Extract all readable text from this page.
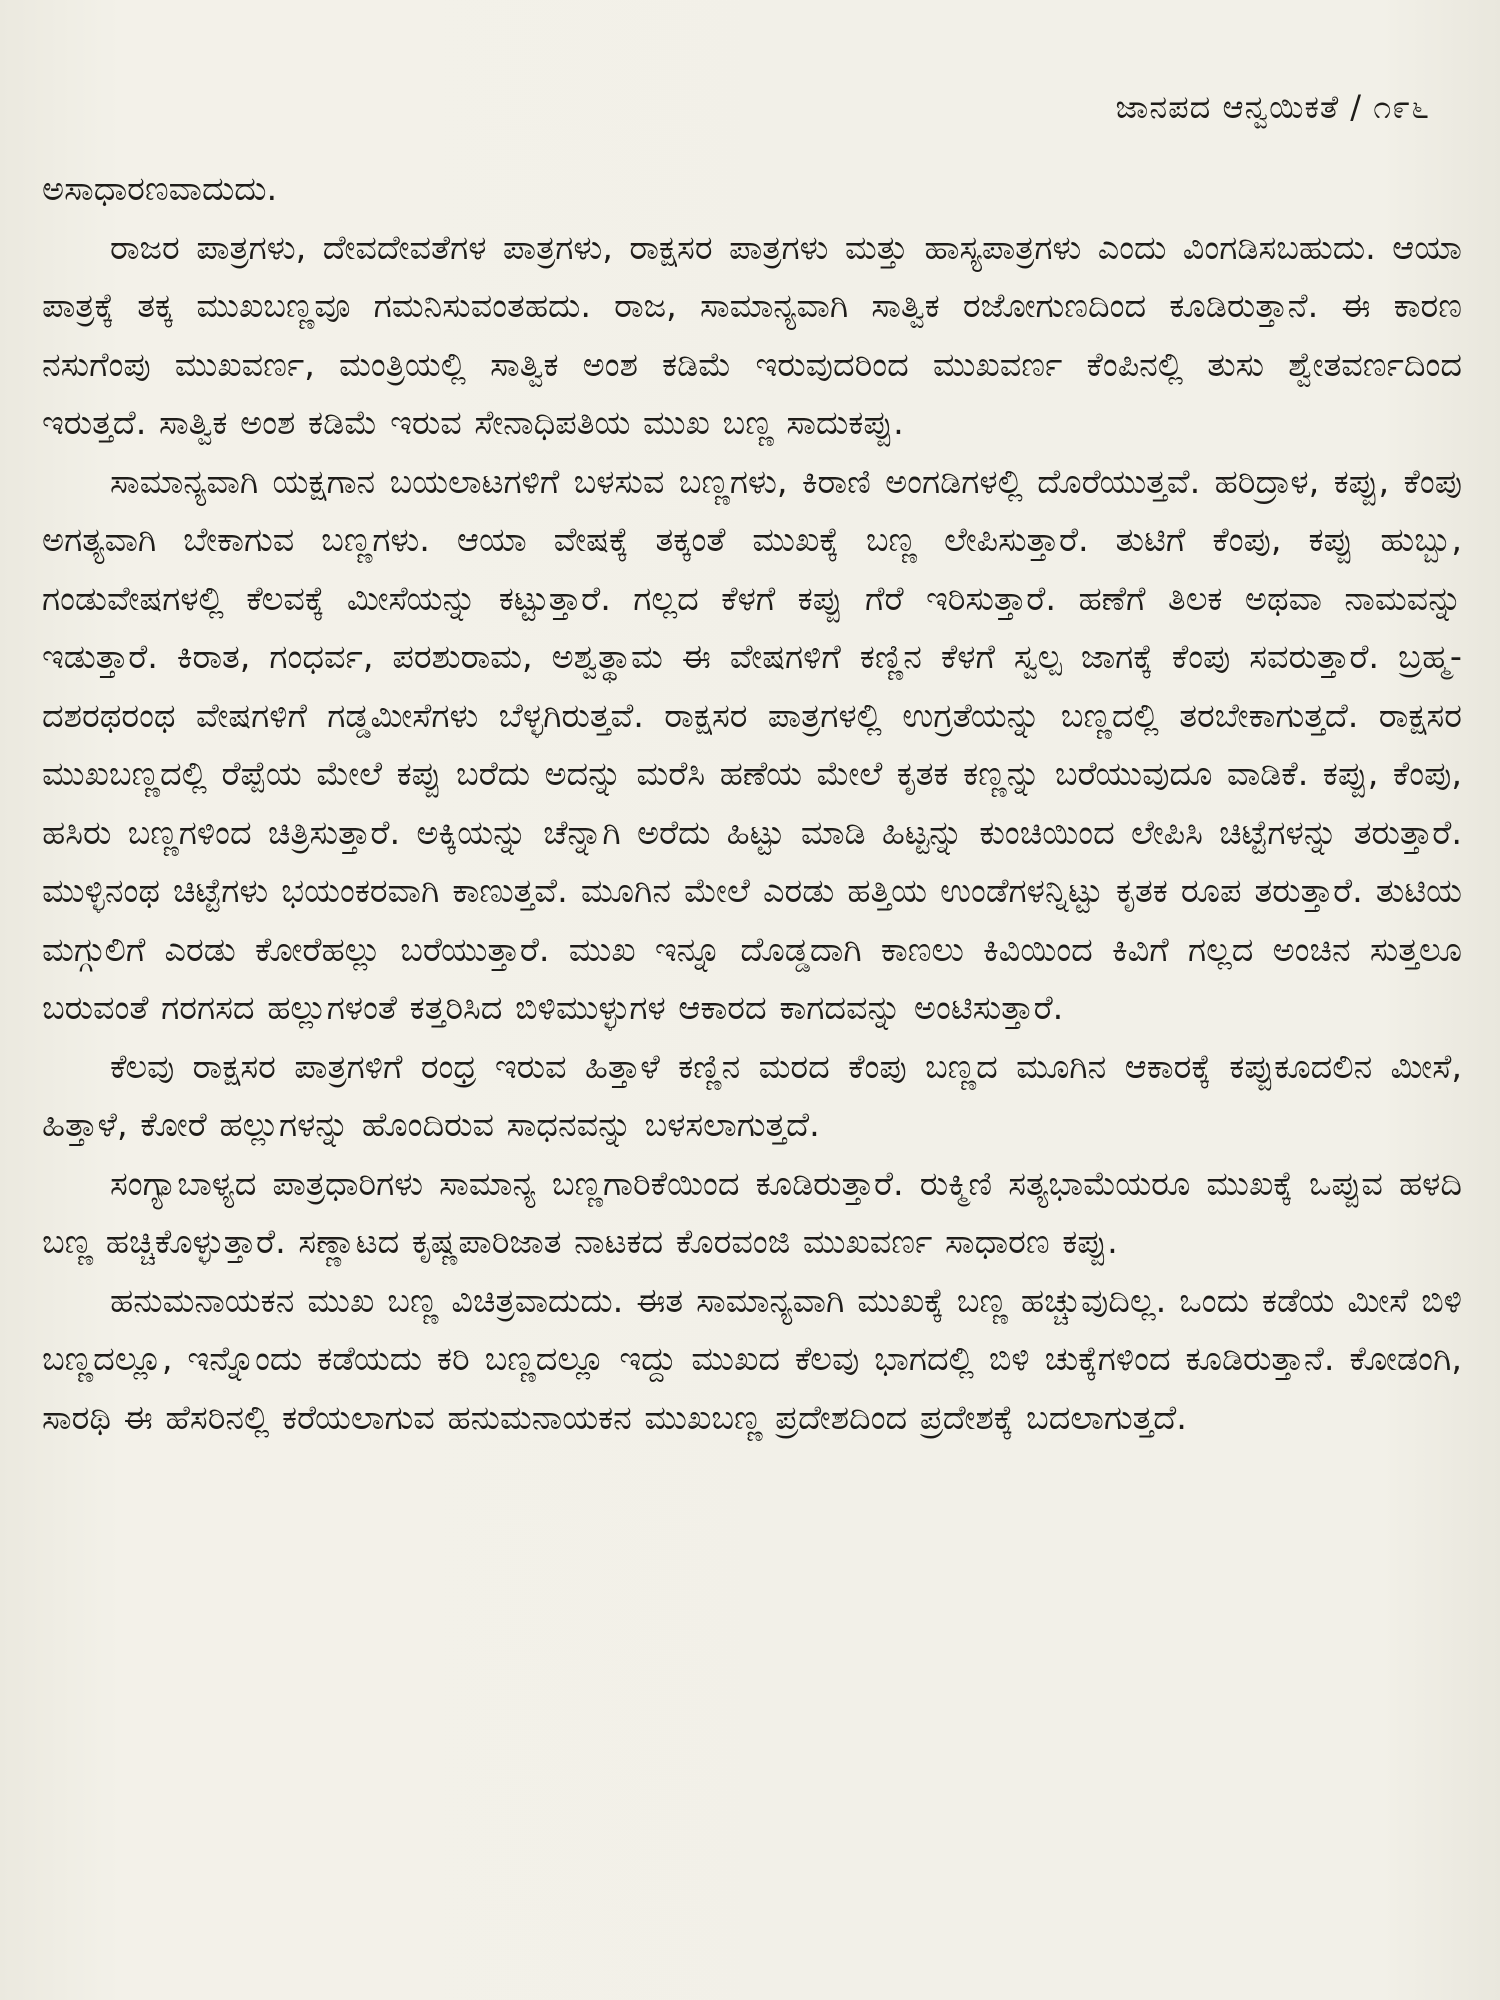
ಜಾನಪದ ಆನ್ವಯಿಕತೆ / ೧೯೬

ಅಸಾಧಾರಣವಾದುದು.

ರಾಜರ ಪಾತ್ರಗಳು, ದೇವದೇವತೆಗಳ ಪಾತ್ರಗಳು, ರಾಕ್ಷಸರ ಪಾತ್ರಗಳು ಮತ್ತು ಹಾಸ್ಯಪಾತ್ರಗಳು ಎಂದು ವಿಂಗಡಿಸಬಹುದು. ಆಯಾ ಪಾತ್ರಕ್ಕೆ ತಕ್ಕ ಮುಖಬಣ್ಣವೂ ಗಮನಿಸುವಂತಹದು. ರಾಜ, ಸಾಮಾನ್ಯವಾಗಿ ಸಾತ್ವಿಕ ರಜೋಗುಣದಿಂದ ಕೂಡಿರುತ್ತಾನೆ. ಈ ಕಾರಣ ನಸುಗೆಂಪು ಮುಖವರ್ಣ, ಮಂತ್ರಿಯಲ್ಲಿ ಸಾತ್ವಿಕ ಅಂಶ ಕಡಿಮೆ ಇರುವುದರಿಂದ ಮುಖವರ್ಣ ಕೆಂಪಿನಲ್ಲಿ ತುಸು ಶ್ವೇತವರ್ಣದಿಂದ ಇರುತ್ತದೆ. ಸಾತ್ವಿಕ ಅಂಶ ಕಡಿಮೆ ಇರುವ ಸೇನಾಧಿಪತಿಯ ಮುಖ ಬಣ್ಣ ಸಾದುಕಪ್ಪು.

ಸಾಮಾನ್ಯವಾಗಿ ಯಕ್ಷಗಾನ ಬಯಲಾಟಗಳಿಗೆ ಬಳಸುವ ಬಣ್ಣಗಳು, ಕಿರಾಣಿ ಅಂಗಡಿಗಳಲ್ಲಿ ದೊರೆಯುತ್ತವೆ. ಹರಿದ್ರಾಳ, ಕಪ್ಪು, ಕೆಂಪು ಅಗತ್ಯವಾಗಿ ಬೇಕಾಗುವ ಬಣ್ಣಗಳು. ಆಯಾ ವೇಷಕ್ಕೆ ತಕ್ಕಂತೆ ಮುಖಕ್ಕೆ ಬಣ್ಣ ಲೇಪಿಸುತ್ತಾರೆ. ತುಟಿಗೆ ಕೆಂಪು, ಕಪ್ಪು ಹುಬ್ಬು, ಗಂಡುವೇಷಗಳಲ್ಲಿ ಕೆಲವಕ್ಕೆ ಮೀಸೆಯನ್ನು ಕಟ್ಟುತ್ತಾರೆ. ಗಲ್ಲದ ಕೆಳಗೆ ಕಪ್ಪು ಗೆರೆ ಇರಿಸುತ್ತಾರೆ. ಹಣೆಗೆ ತಿಲಕ ಅಥವಾ ನಾಮವನ್ನು ಇಡುತ್ತಾರೆ. ಕಿರಾತ, ಗಂಧರ್ವ, ಪರಶುರಾಮ, ಅಶ್ವತ್ಥಾಮ ಈ ವೇಷಗಳಿಗೆ ಕಣ್ಣಿನ ಕೆಳಗೆ ಸ್ವಲ್ಪ ಜಾಗಕ್ಕೆ ಕೆಂಪು ಸವರುತ್ತಾರೆ. ಬ್ರಹ್ಮ-ದಶರಥರಂಥ ವೇಷಗಳಿಗೆ ಗಡ್ಡಮೀಸೆಗಳು ಬೆಳ್ಳಗಿರುತ್ತವೆ. ರಾಕ್ಷಸರ ಪಾತ್ರಗಳಲ್ಲಿ ಉಗ್ರತೆಯನ್ನು ಬಣ್ಣದಲ್ಲಿ ತರಬೇಕಾಗುತ್ತದೆ. ರಾಕ್ಷಸರ ಮುಖಬಣ್ಣದಲ್ಲಿ ರೆಪ್ಪೆಯ ಮೇಲೆ ಕಪ್ಪು ಬರೆದು ಅದನ್ನು ಮರೆಸಿ ಹಣೆಯ ಮೇಲೆ ಕೃತಕ ಕಣ್ಣನ್ನು ಬರೆಯುವುದೂ ವಾಡಿಕೆ. ಕಪ್ಪು, ಕೆಂಪು, ಹಸಿರು ಬಣ್ಣಗಳಿಂದ ಚಿತ್ರಿಸುತ್ತಾರೆ. ಅಕ್ಕಿಯನ್ನು ಚೆನ್ನಾಗಿ ಅರೆದು ಹಿಟ್ಟು ಮಾಡಿ ಹಿಟ್ಟನ್ನು ಕುಂಚಿಯಿಂದ ಲೇಪಿಸಿ ಚಿಟ್ಟೆಗಳನ್ನು ತರುತ್ತಾರೆ. ಮುಳ್ಳಿನಂಥ ಚಿಟ್ಟೆಗಳು ಭಯಂಕರವಾಗಿ ಕಾಣುತ್ತವೆ. ಮೂಗಿನ ಮೇಲೆ ಎರಡು ಹತ್ತಿಯ ಉಂಡೆಗಳನ್ನಿಟ್ಟು ಕೃತಕ ರೂಪ ತರುತ್ತಾರೆ. ತುಟಿಯ ಮಗ್ಗುಲಿಗೆ ಎರಡು ಕೋರೆಹಲ್ಲು ಬರೆಯುತ್ತಾರೆ. ಮುಖ ಇನ್ನೂ ದೊಡ್ಡದಾಗಿ ಕಾಣಲು ಕಿವಿಯಿಂದ ಕಿವಿಗೆ ಗಲ್ಲದ ಅಂಚಿನ ಸುತ್ತಲೂ ಬರುವಂತೆ ಗರಗಸದ ಹಲ್ಲುಗಳಂತೆ ಕತ್ತರಿಸಿದ ಬಿಳಿಮುಳ್ಳುಗಳ ಆಕಾರದ ಕಾಗದವನ್ನು ಅಂಟಿಸುತ್ತಾರೆ.

ಕೆಲವು ರಾಕ್ಷಸರ ಪಾತ್ರಗಳಿಗೆ ರಂಧ್ರ ಇರುವ ಹಿತ್ತಾಳೆ ಕಣ್ಣಿನ ಮರದ ಕೆಂಪು ಬಣ್ಣದ ಮೂಗಿನ ಆಕಾರಕ್ಕೆ ಕಪ್ಪುಕೂದಲಿನ ಮೀಸೆ, ಹಿತ್ತಾಳೆ, ಕೋರೆ ಹಲ್ಲುಗಳನ್ನು ಹೊಂದಿರುವ ಸಾಧನವನ್ನು ಬಳಸಲಾಗುತ್ತದೆ.

ಸಂಗ್ಯಾಬಾಳ್ಯದ ಪಾತ್ರಧಾರಿಗಳು ಸಾಮಾನ್ಯ ಬಣ್ಣಗಾರಿಕೆಯಿಂದ ಕೂಡಿರುತ್ತಾರೆ. ರುಕ್ಮಿಣಿ ಸತ್ಯಭಾಮೆಯರೂ ಮುಖಕ್ಕೆ ಒಪ್ಪುವ ಹಳದಿ ಬಣ್ಣ ಹಚ್ಚಿಕೊಳ್ಳುತ್ತಾರೆ. ಸಣ್ಣಾಟದ ಕೃಷ್ಣಪಾರಿಜಾತ ನಾಟಕದ ಕೊರವಂಜಿ ಮುಖವರ್ಣ ಸಾಧಾರಣ ಕಪ್ಪು.

ಹನುಮನಾಯಕನ ಮುಖ ಬಣ್ಣ ವಿಚಿತ್ರವಾದುದು. ಈತ ಸಾಮಾನ್ಯವಾಗಿ ಮುಖಕ್ಕೆ ಬಣ್ಣ ಹಚ್ಚುವುದಿಲ್ಲ. ಒಂದು ಕಡೆಯ ಮೀಸೆ ಬಿಳಿ ಬಣ್ಣದಲ್ಲೂ, ಇನ್ನೊಂದು ಕಡೆಯದು ಕರಿ ಬಣ್ಣದಲ್ಲೂ ಇದ್ದು ಮುಖದ ಕೆಲವು ಭಾಗದಲ್ಲಿ ಬಿಳಿ ಚುಕ್ಕೆಗಳಿಂದ ಕೂಡಿರುತ್ತಾನೆ. ಕೋಡಂಗಿ, ಸಾರಥಿ ಈ ಹೆಸರಿನಲ್ಲಿ ಕರೆಯಲಾಗುವ ಹನುಮನಾಯಕನ ಮುಖಬಣ್ಣ ಪ್ರದೇಶದಿಂದ ಪ್ರದೇಶಕ್ಕೆ ಬದಲಾಗುತ್ತದೆ.
